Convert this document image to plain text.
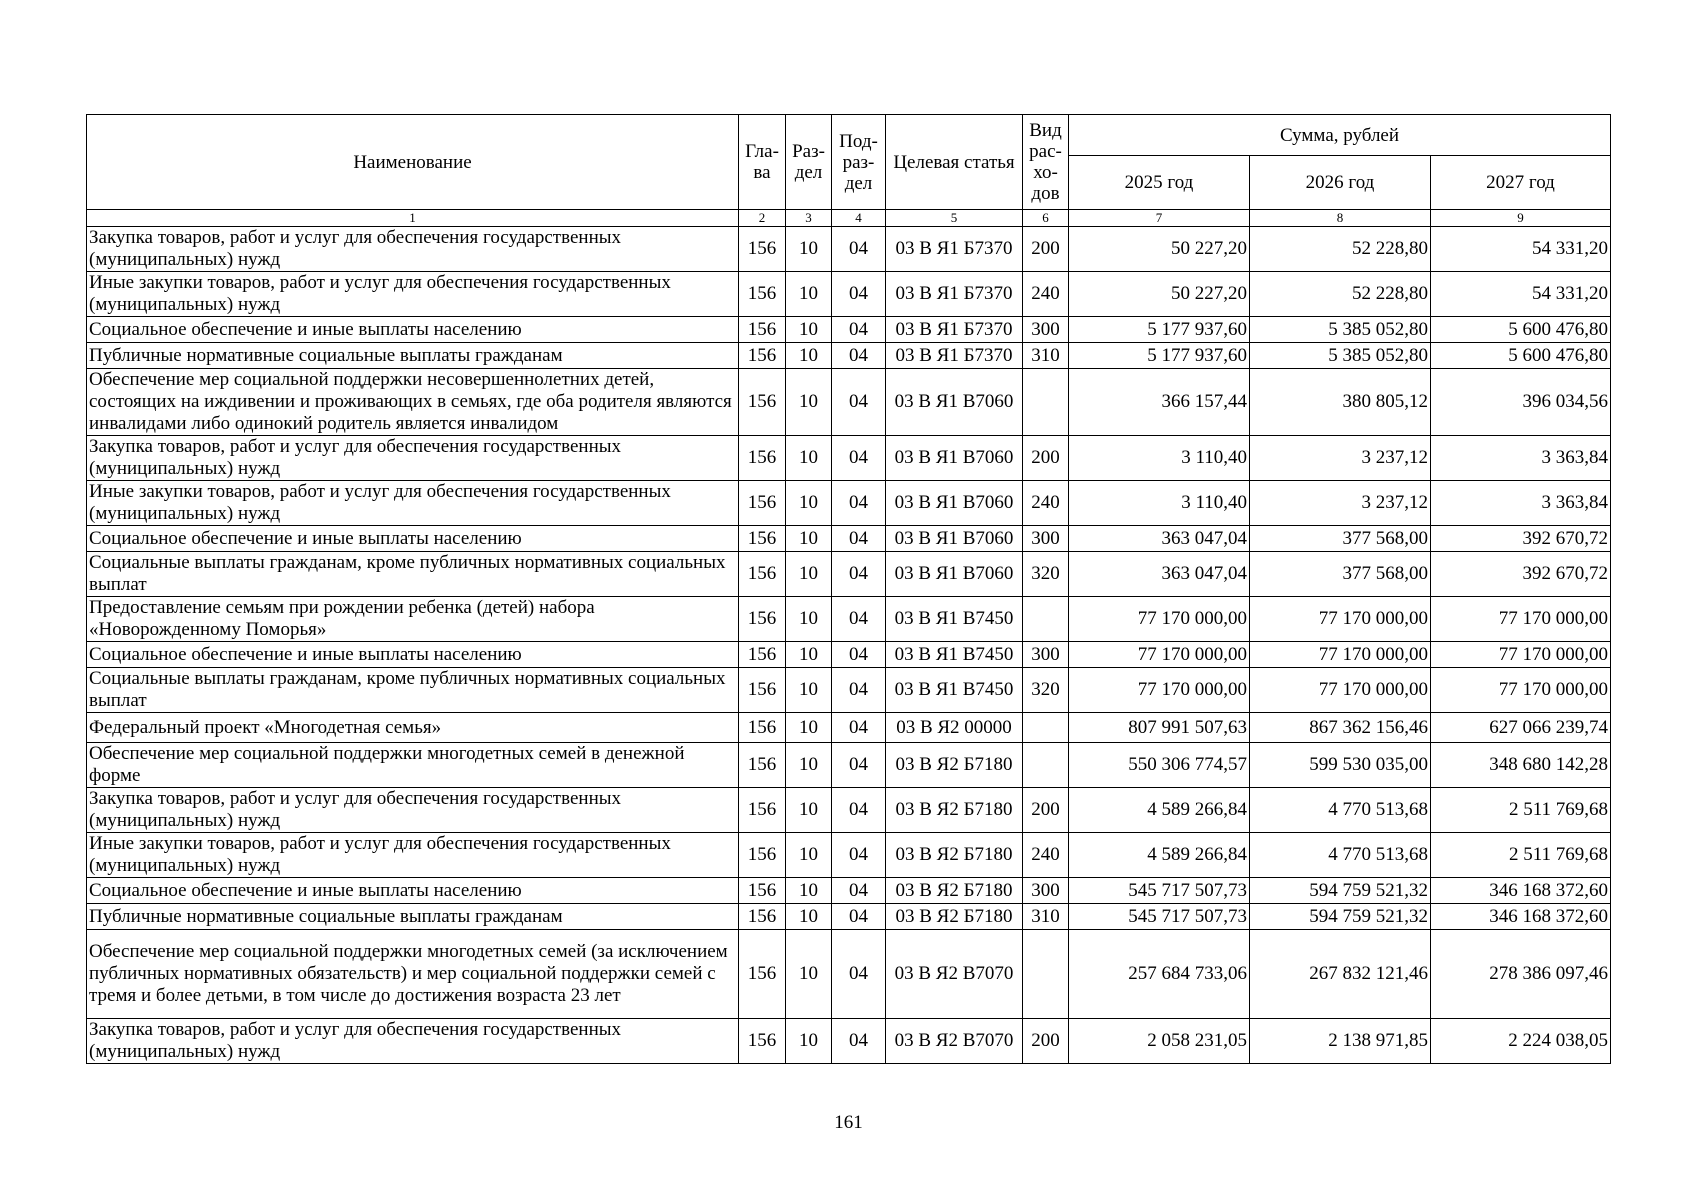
Наименование	Гла-ва	Раз-дел	Под-раз-дел	Целевая статья	Вид рас-хо-дов	Сумма, рублей		
						2025 год	2026 год	2027 год
1	2	3	4	5	6	7	8	9
Закупка товаров, работ и услуг для обеспечения государственных (муниципальных) нужд	156	10	04	03 В Я1 Б7370	200	50 227,20	52 228,80	54 331,20
Иные закупки товаров, работ и услуг для обеспечения государственных (муниципальных) нужд	156	10	04	03 В Я1 Б7370	240	50 227,20	52 228,80	54 331,20
Социальное обеспечение и иные выплаты населению	156	10	04	03 В Я1 Б7370	300	5 177 937,60	5 385 052,80	5 600 476,80
Публичные нормативные социальные выплаты гражданам	156	10	04	03 В Я1 Б7370	310	5 177 937,60	5 385 052,80	5 600 476,80
Обеспечение мер социальной поддержки несовершеннолетних детей, состоящих на иждивении и проживающих в семьях, где оба родителя являются инвалидами либо одинокий родитель является инвалидом	156	10	04	03 В Я1 В7060		366 157,44	380 805,12	396 034,56
Закупка товаров, работ и услуг для обеспечения государственных (муниципальных) нужд	156	10	04	03 В Я1 В7060	200	3 110,40	3 237,12	3 363,84
Иные закупки товаров, работ и услуг для обеспечения государственных (муниципальных) нужд	156	10	04	03 В Я1 В7060	240	3 110,40	3 237,12	3 363,84
Социальное обеспечение и иные выплаты населению	156	10	04	03 В Я1 В7060	300	363 047,04	377 568,00	392 670,72
Социальные выплаты гражданам, кроме публичных нормативных социальных выплат	156	10	04	03 В Я1 В7060	320	363 047,04	377 568,00	392 670,72
Предоставление семьям при рождении ребенка (детей) набора «Новорожденному Поморья»	156	10	04	03 В Я1 В7450		77 170 000,00	77 170 000,00	77 170 000,00
Социальное обеспечение и иные выплаты населению	156	10	04	03 В Я1 В7450	300	77 170 000,00	77 170 000,00	77 170 000,00
Социальные выплаты гражданам, кроме публичных нормативных социальных выплат	156	10	04	03 В Я1 В7450	320	77 170 000,00	77 170 000,00	77 170 000,00
Федеральный проект «Многодетная семья»	156	10	04	03 В Я2 00000		807 991 507,63	867 362 156,46	627 066 239,74
Обеспечение мер социальной поддержки многодетных семей в денежной форме	156	10	04	03 В Я2 Б7180		550 306 774,57	599 530 035,00	348 680 142,28
Закупка товаров, работ и услуг для обеспечения государственных (муниципальных) нужд	156	10	04	03 В Я2 Б7180	200	4 589 266,84	4 770 513,68	2 511 769,68
Иные закупки товаров, работ и услуг для обеспечения государственных (муниципальных) нужд	156	10	04	03 В Я2 Б7180	240	4 589 266,84	4 770 513,68	2 511 769,68
Социальное обеспечение и иные выплаты населению	156	10	04	03 В Я2 Б7180	300	545 717 507,73	594 759 521,32	346 168 372,60
Публичные нормативные социальные выплаты гражданам	156	10	04	03 В Я2 Б7180	310	545 717 507,73	594 759 521,32	346 168 372,60
Обеспечение мер социальной поддержки многодетных семей (за исключением публичных нормативных обязательств) и мер социальной поддержки семей с тремя и более детьми, в том числе до достижения возраста 23 лет	156	10	04	03 В Я2 В7070		257 684 733,06	267 832 121,46	278 386 097,46
Закупка товаров, работ и услуг для обеспечения государственных (муниципальных) нужд	156	10	04	03 В Я2 В7070	200	2 058 231,05	2 138 971,85	2 224 038,05
161
